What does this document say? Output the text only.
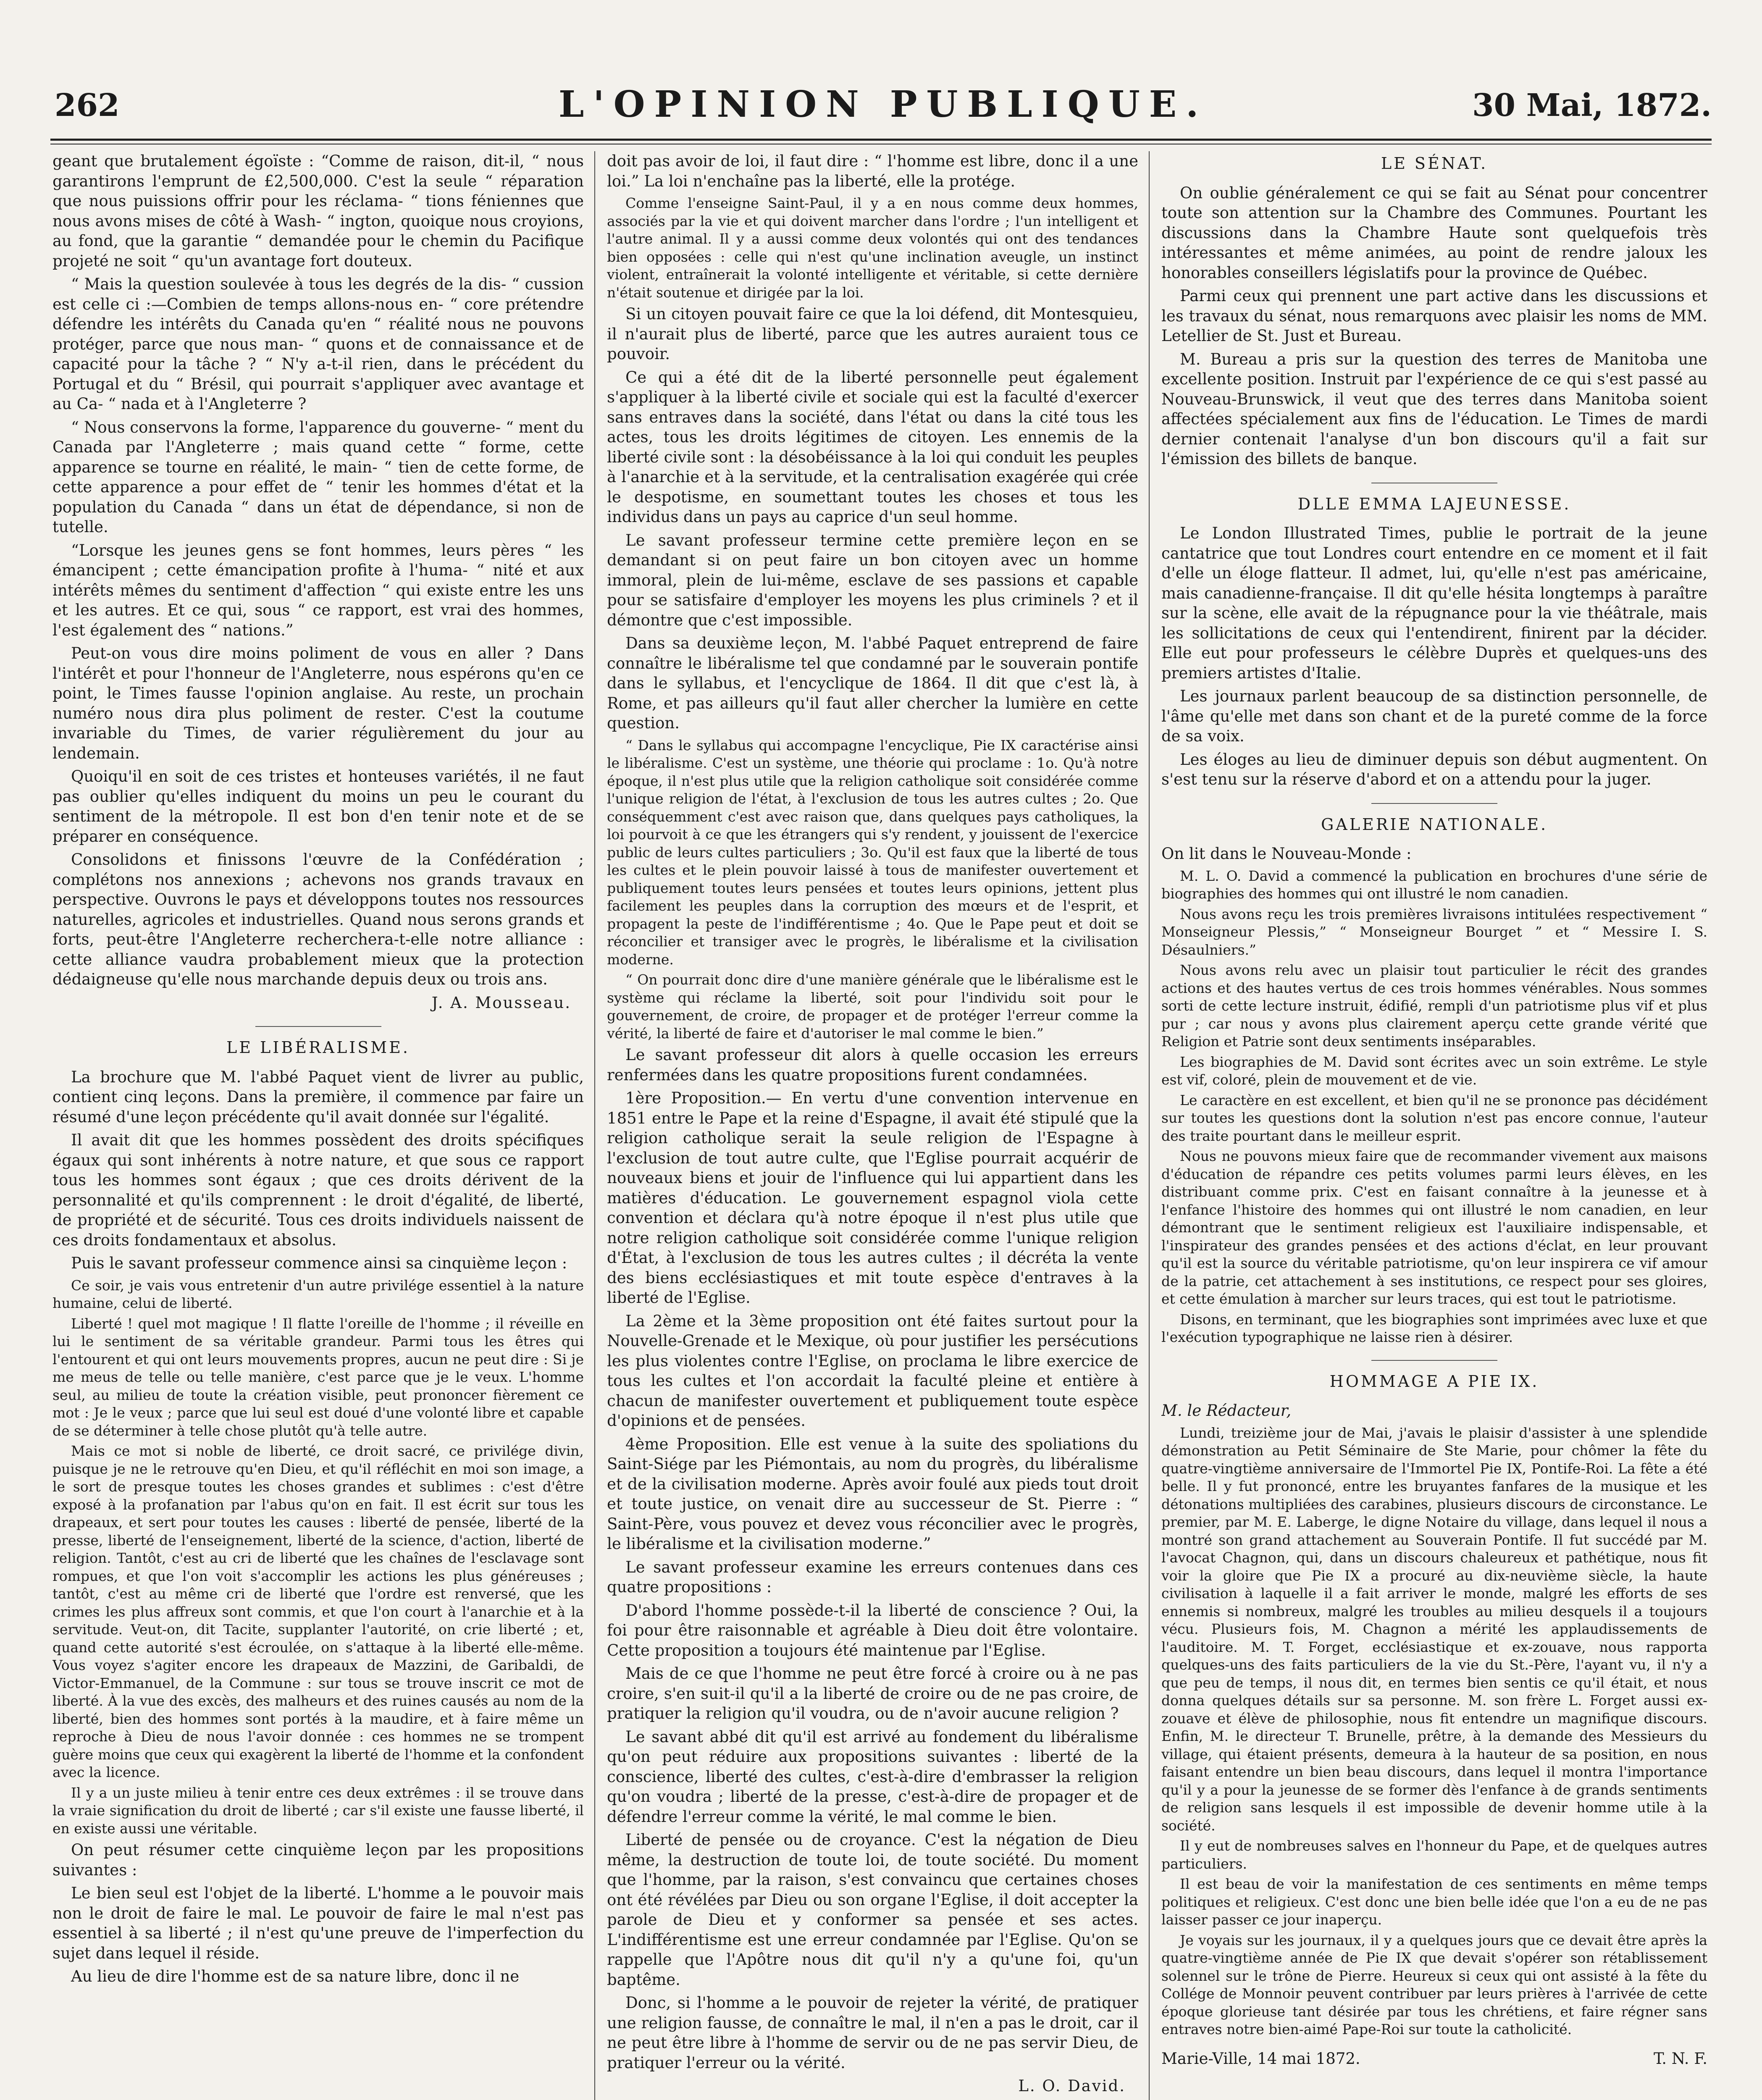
262	L'OPINION PUBLIQUE.	30 Mai, 1872.

geant que brutalement égoïste : “Comme de raison, dit-il, “ nous garantirons l'emprunt de £2,500,000. C'est la seule “ réparation que nous puissions offrir pour les réclama- “ tions féniennes que nous avons mises de côté à Wash- “ ington, quoique nous croyions, au fond, que la garantie “ demandée pour le chemin du Pacifique projeté ne soit “ qu'un avantage fort douteux.

“ Mais la question soulevée à tous les degrés de la dis- “ cussion est celle ci :—Combien de temps allons-nous en- “ core prétendre défendre les intérêts du Canada qu'en “ réalité nous ne pouvons protéger, parce que nous man- “ quons et de connaissance et de capacité pour la tâche ? “ N'y a-t-il rien, dans le précédent du Portugal et du “ Brésil, qui pourrait s'appliquer avec avantage et au Ca- “ nada et à l'Angleterre ?

“ Nous conservons la forme, l'apparence du gouverne- “ ment du Canada par l'Angleterre ; mais quand cette “ forme, cette apparence se tourne en réalité, le main- “ tien de cette forme, de cette apparence a pour effet de “ tenir les hommes d'état et la population du Canada “ dans un état de dépendance, si non de tutelle.

“Lorsque les jeunes gens se font hommes, leurs pères “ les émancipent ; cette émancipation profite à l'huma- “ nité et aux intérêts mêmes du sentiment d'affection “ qui existe entre les uns et les autres. Et ce qui, sous “ ce rapport, est vrai des hommes, l'est également des “ nations.”

Peut-on vous dire moins poliment de vous en aller ? Dans l'intérêt et pour l'honneur de l'Angleterre, nous espérons qu'en ce point, le Times fausse l'opinion anglaise. Au reste, un prochain numéro nous dira plus poliment de rester. C'est la coutume invariable du Times, de varier régulièrement du jour au lendemain.

Quoiqu'il en soit de ces tristes et honteuses variétés, il ne faut pas oublier qu'elles indiquent du moins un peu le courant du sentiment de la métropole. Il est bon d'en tenir note et de se préparer en conséquence.

Consolidons et finissons l'œuvre de la Confédération ; complétons nos annexions ; achevons nos grands travaux en perspective. Ouvrons le pays et développons toutes nos ressources naturelles, agricoles et industrielles. Quand nous serons grands et forts, peut-être l'Angleterre recherchera-t-elle notre alliance : cette alliance vaudra probablement mieux que la protection dédaigneuse qu'elle nous marchande depuis deux ou trois ans.

J. A. Mousseau.
LE LIBÉRALISME.

La brochure que M. l'abbé Paquet vient de livrer au public, contient cinq leçons. Dans la première, il commence par faire un résumé d'une leçon précédente qu'il avait donnée sur l'égalité.

Il avait dit que les hommes possèdent des droits spécifiques égaux qui sont inhérents à notre nature, et que sous ce rapport tous les hommes sont égaux ; que ces droits dérivent de la personnalité et qu'ils comprennent : le droit d'égalité, de liberté, de propriété et de sécurité. Tous ces droits individuels naissent de ces droits fondamentaux et absolus.

Puis le savant professeur commence ainsi sa cinquième leçon :

Ce soir, je vais vous entretenir d'un autre privilége essentiel à la nature humaine, celui de liberté.

Liberté ! quel mot magique ! Il flatte l'oreille de l'homme ; il réveille en lui le sentiment de sa véritable grandeur. Parmi tous les êtres qui l'entourent et qui ont leurs mouvements propres, aucun ne peut dire : Si je me meus de telle ou telle manière, c'est parce que je le veux. L'homme seul, au milieu de toute la création visible, peut prononcer fièrement ce mot : Je le veux ; parce que lui seul est doué d'une volonté libre et capable de se déterminer à telle chose plutôt qu'à telle autre.

Mais ce mot si noble de liberté, ce droit sacré, ce privilége divin, puisque je ne le retrouve qu'en Dieu, et qu'il réfléchit en moi son image, a le sort de presque toutes les choses grandes et sublimes : c'est d'être exposé à la profanation par l'abus qu'on en fait. Il est écrit sur tous les drapeaux, et sert pour toutes les causes : liberté de pensée, liberté de la presse, liberté de l'enseignement, liberté de la science, d'action, liberté de religion. Tantôt, c'est au cri de liberté que les chaînes de l'esclavage sont rompues, et que l'on voit s'accomplir les actions les plus généreuses ; tantôt, c'est au même cri de liberté que l'ordre est renversé, que les crimes les plus affreux sont commis, et que l'on court à l'anarchie et à la servitude. Veut-on, dit Tacite, supplanter l'autorité, on crie liberté ; et, quand cette autorité s'est écroulée, on s'attaque à la liberté elle-même. Vous voyez s'agiter encore les drapeaux de Mazzini, de Garibaldi, de Victor-Emmanuel, de la Commune : sur tous se trouve inscrit ce mot de liberté. À la vue des excès, des malheurs et des ruines causés au nom de la liberté, bien des hommes sont portés à la maudire, et à faire même un reproche à Dieu de nous l'avoir donnée : ces hommes ne se trompent guère moins que ceux qui exagèrent la liberté de l'homme et la confondent avec la licence.

Il y a un juste milieu à tenir entre ces deux extrêmes : il se trouve dans la vraie signification du droit de liberté ; car s'il existe une fausse liberté, il en existe aussi une véritable.

On peut résumer cette cinquième leçon par les propositions suivantes :

Le bien seul est l'objet de la liberté. L'homme a le pouvoir mais non le droit de faire le mal. Le pouvoir de faire le mal n'est pas essentiel à sa liberté ; il n'est qu'une preuve de l'imperfection du sujet dans lequel il réside.

Au lieu de dire l'homme est de sa nature libre, donc il ne

doit pas avoir de loi, il faut dire : “ l'homme est libre, donc il a une loi.” La loi n'enchaîne pas la liberté, elle la protége.

Comme l'enseigne Saint-Paul, il y a en nous comme deux hommes, associés par la vie et qui doivent marcher dans l'ordre ; l'un intelligent et l'autre animal. Il y a aussi comme deux volontés qui ont des tendances bien opposées : celle qui n'est qu'une inclination aveugle, un instinct violent, entraînerait la volonté intelligente et véritable, si cette dernière n'était soutenue et dirigée par la loi.

Si un citoyen pouvait faire ce que la loi défend, dit Montesquieu, il n'aurait plus de liberté, parce que les autres auraient tous ce pouvoir.

Ce qui a été dit de la liberté personnelle peut également s'appliquer à la liberté civile et sociale qui est la faculté d'exercer sans entraves dans la société, dans l'état ou dans la cité tous les actes, tous les droits légitimes de citoyen. Les ennemis de la liberté civile sont : la désobéissance à la loi qui conduit les peuples à l'anarchie et à la servitude, et la centralisation exagérée qui crée le despotisme, en soumettant toutes les choses et tous les individus dans un pays au caprice d'un seul homme.

Le savant professeur termine cette première leçon en se demandant si on peut faire un bon citoyen avec un homme immoral, plein de lui-même, esclave de ses passions et capable pour se satisfaire d'employer les moyens les plus criminels ? et il démontre que c'est impossible.

Dans sa deuxième leçon, M. l'abbé Paquet entreprend de faire connaître le libéralisme tel que condamné par le souverain pontife dans le syllabus, et l'encyclique de 1864. Il dit que c'est là, à Rome, et pas ailleurs qu'il faut aller chercher la lumière en cette question.

“ Dans le syllabus qui accompagne l'encyclique, Pie IX caractérise ainsi le libéralisme. C'est un système, une théorie qui proclame : 1o. Qu'à notre époque, il n'est plus utile que la religion catholique soit considérée comme l'unique religion de l'état, à l'exclusion de tous les autres cultes ; 2o. Que conséquemment c'est avec raison que, dans quelques pays catholiques, la loi pourvoit à ce que les étrangers qui s'y rendent, y jouissent de l'exercice public de leurs cultes particuliers ; 3o. Qu'il est faux que la liberté de tous les cultes et le plein pouvoir laissé à tous de manifester ouvertement et publiquement toutes leurs pensées et toutes leurs opinions, jettent plus facilement les peuples dans la corruption des mœurs et de l'esprit, et propagent la peste de l'indifférentisme ; 4o. Que le Pape peut et doit se réconcilier et transiger avec le progrès, le libéralisme et la civilisation moderne.

“ On pourrait donc dire d'une manière générale que le libéralisme est le système qui réclame la liberté, soit pour l'individu soit pour le gouvernement, de croire, de propager et de protéger l'erreur comme la vérité, la liberté de faire et d'autoriser le mal comme le bien.”

Le savant professeur dit alors à quelle occasion les erreurs renfermées dans les quatre propositions furent condamnées.

1ère Proposition.— En vertu d'une convention intervenue en 1851 entre le Pape et la reine d'Espagne, il avait été stipulé que la religion catholique serait la seule religion de l'Espagne à l'exclusion de tout autre culte, que l'Eglise pourrait acquérir de nouveaux biens et jouir de l'influence qui lui appartient dans les matières d'éducation. Le gouvernement espagnol viola cette convention et déclara qu'à notre époque il n'est plus utile que notre religion catholique soit considérée comme l'unique religion d'État, à l'exclusion de tous les autres cultes ; il décréta la vente des biens ecclésiastiques et mit toute espèce d'entraves à la liberté de l'Eglise.

La 2ème et la 3ème proposition ont été faites surtout pour la Nouvelle-Grenade et le Mexique, où pour justifier les persécutions les plus violentes contre l'Eglise, on proclama le libre exercice de tous les cultes et l'on accordait la faculté pleine et entière à chacun de manifester ouvertement et publiquement toute espèce d'opinions et de pensées.

4ème Proposition. Elle est venue à la suite des spoliations du Saint-Siége par les Piémontais, au nom du progrès, du libéralisme et de la civilisation moderne. Après avoir foulé aux pieds tout droit et toute justice, on venait dire au successeur de St. Pierre : “ Saint-Père, vous pouvez et devez vous réconcilier avec le progrès, le libéralisme et la civilisation moderne.”

Le savant professeur examine les erreurs contenues dans ces quatre propositions :

D'abord l'homme possède-t-il la liberté de conscience ? Oui, la foi pour être raisonnable et agréable à Dieu doit être volontaire. Cette proposition a toujours été maintenue par l'Eglise.

Mais de ce que l'homme ne peut être forcé à croire ou à ne pas croire, s'en suit-il qu'il a la liberté de croire ou de ne pas croire, de pratiquer la religion qu'il voudra, ou de n'avoir aucune religion ?

Le savant abbé dit qu'il est arrivé au fondement du libéralisme qu'on peut réduire aux propositions suivantes : liberté de la conscience, liberté des cultes, c'est-à-dire d'embrasser la religion qu'on voudra ; liberté de la presse, c'est-à-dire de propager et de défendre l'erreur comme la vérité, le mal comme le bien.

Liberté de pensée ou de croyance. C'est la négation de Dieu même, la destruction de toute loi, de toute société. Du moment que l'homme, par la raison, s'est convaincu que certaines choses ont été révélées par Dieu ou son organe l'Eglise, il doit accepter la parole de Dieu et y conformer sa pensée et ses actes. L'indifférentisme est une erreur condamnée par l'Eglise. Qu'on se rappelle que l'Apôtre nous dit qu'il n'y a qu'une foi, qu'un baptême.

Donc, si l'homme a le pouvoir de rejeter la vérité, de pratiquer une religion fausse, de connaître le mal, il n'en a pas le droit, car il ne peut être libre à l'homme de servir ou de ne pas servir Dieu, de pratiquer l'erreur ou la vérité.

L. O. David.
LE SÉNAT.

On oublie généralement ce qui se fait au Sénat pour concentrer toute son attention sur la Chambre des Communes. Pourtant les discussions dans la Chambre Haute sont quelquefois très intéressantes et même animées, au point de rendre jaloux les honorables conseillers législatifs pour la province de Québec.

Parmi ceux qui prennent une part active dans les discussions et les travaux du sénat, nous remarquons avec plaisir les noms de MM. Letellier de St. Just et Bureau.

M. Bureau a pris sur la question des terres de Manitoba une excellente position. Instruit par l'expérience de ce qui s'est passé au Nouveau-Brunswick, il veut que des terres dans Manitoba soient affectées spécialement aux fins de l'éducation. Le Times de mardi dernier contenait l'analyse d'un bon discours qu'il a fait sur l'émission des billets de banque.

DLLE EMMA LAJEUNESSE.

Le London Illustrated Times, publie le portrait de la jeune cantatrice que tout Londres court entendre en ce moment et il fait d'elle un éloge flatteur. Il admet, lui, qu'elle n'est pas américaine, mais canadienne-française. Il dit qu'elle hésita longtemps à paraître sur la scène, elle avait de la répugnance pour la vie théâtrale, mais les sollicitations de ceux qui l'entendirent, finirent par la décider. Elle eut pour professeurs le célèbre Duprès et quelques-uns des premiers artistes d'Italie.

Les journaux parlent beaucoup de sa distinction personnelle, de l'âme qu'elle met dans son chant et de la pureté comme de la force de sa voix.

Les éloges au lieu de diminuer depuis son début augmentent. On s'est tenu sur la réserve d'abord et on a attendu pour la juger.

GALERIE NATIONALE.

On lit dans le Nouveau-Monde :

M. L. O. David a commencé la publication en brochures d'une série de biographies des hommes qui ont illustré le nom canadien.

Nous avons reçu les trois premières livraisons intitulées respectivement “ Monseigneur Plessis,” “ Monseigneur Bourget ” et “ Messire I. S. Désaulniers.”

Nous avons relu avec un plaisir tout particulier le récit des grandes actions et des hautes vertus de ces trois hommes vénérables. Nous sommes sorti de cette lecture instruit, édifié, rempli d'un patriotisme plus vif et plus pur ; car nous y avons plus clairement aperçu cette grande vérité que Religion et Patrie sont deux sentiments inséparables.

Les biographies de M. David sont écrites avec un soin extrême. Le style est vif, coloré, plein de mouvement et de vie.

Le caractère en est excellent, et bien qu'il ne se prononce pas décidément sur toutes les questions dont la solution n'est pas encore connue, l'auteur des traite pourtant dans le meilleur esprit.

Nous ne pouvons mieux faire que de recommander vivement aux maisons d'éducation de répandre ces petits volumes parmi leurs élèves, en les distribuant comme prix. C'est en faisant connaître à la jeunesse et à l'enfance l'histoire des hommes qui ont illustré le nom canadien, en leur démontrant que le sentiment religieux est l'auxiliaire indispensable, et l'inspirateur des grandes pensées et des actions d'éclat, en leur prouvant qu'il est la source du véritable patriotisme, qu'on leur inspirera ce vif amour de la patrie, cet attachement à ses institutions, ce respect pour ses gloires, et cette émulation à marcher sur leurs traces, qui est tout le patriotisme.

Disons, en terminant, que les biographies sont imprimées avec luxe et que l'exécution typographique ne laisse rien à désirer.

HOMMAGE A PIE IX.

M. le Rédacteur,

Lundi, treizième jour de Mai, j'avais le plaisir d'assister à une splendide démonstration au Petit Séminaire de Ste Marie, pour chômer la fête du quatre-vingtième anniversaire de l'Immortel Pie IX, Pontife-Roi. La fête a été belle. Il y fut prononcé, entre les bruyantes fanfares de la musique et les détonations multipliées des carabines, plusieurs discours de circonstance. Le premier, par M. E. Laberge, le digne Notaire du village, dans lequel il nous a montré son grand attachement au Souverain Pontife. Il fut succédé par M. l'avocat Chagnon, qui, dans un discours chaleureux et pathétique, nous fit voir la gloire que Pie IX a procuré au dix-neuvième siècle, la haute civilisation à laquelle il a fait arriver le monde, malgré les efforts de ses ennemis si nombreux, malgré les troubles au milieu desquels il a toujours vécu. Plusieurs fois, M. Chagnon a mérité les applaudissements de l'auditoire. M. T. Forget, ecclésiastique et ex-zouave, nous rapporta quelques-uns des faits particuliers de la vie du St.-Père, l'ayant vu, il n'y a que peu de temps, il nous dit, en termes bien sentis ce qu'il était, et nous donna quelques détails sur sa personne. M. son frère L. Forget aussi ex-zouave et élève de philosophie, nous fit entendre un magnifique discours. Enfin, M. le directeur T. Brunelle, prêtre, à la demande des Messieurs du village, qui étaient présents, demeura à la hauteur de sa position, en nous faisant entendre un bien beau discours, dans lequel il montra l'importance qu'il y a pour la jeunesse de se former dès l'enfance à de grands sentiments de religion sans lesquels il est impossible de devenir homme utile à la société.

Il y eut de nombreuses salves en l'honneur du Pape, et de quelques autres particuliers.

Il est beau de voir la manifestation de ces sentiments en même temps politiques et religieux. C'est donc une bien belle idée que l'on a eu de ne pas laisser passer ce jour inaperçu.

Je voyais sur les journaux, il y a quelques jours que ce devait être après la quatre-vingtième année de Pie IX que devait s'opérer son rétablissement solennel sur le trône de Pierre. Heureux si ceux qui ont assisté à la fête du Collége de Monnoir peuvent contribuer par leurs prières à l'arrivée de cette époque glorieuse tant désirée par tous les chrétiens, et faire régner sans entraves notre bien-aimé Pape-Roi sur toute la catholicité.

Marie-Ville, 14 mai 1872.	T. N. F.
